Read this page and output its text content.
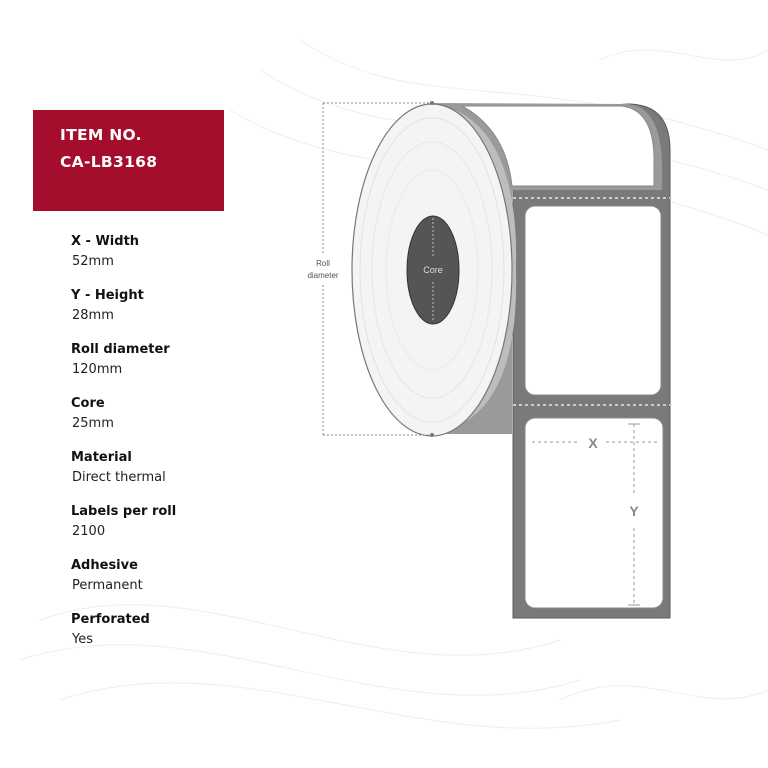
ITEM NO.
CA-LB3168
X - Width
52mm
Y - Height
28mm
Roll diameter
120mm
Core
25mm
Material
Direct thermal
Labels per roll
2100
Adhesive
Permanent
Perforated
Yes
Core
Roll
diameter
X
Y
